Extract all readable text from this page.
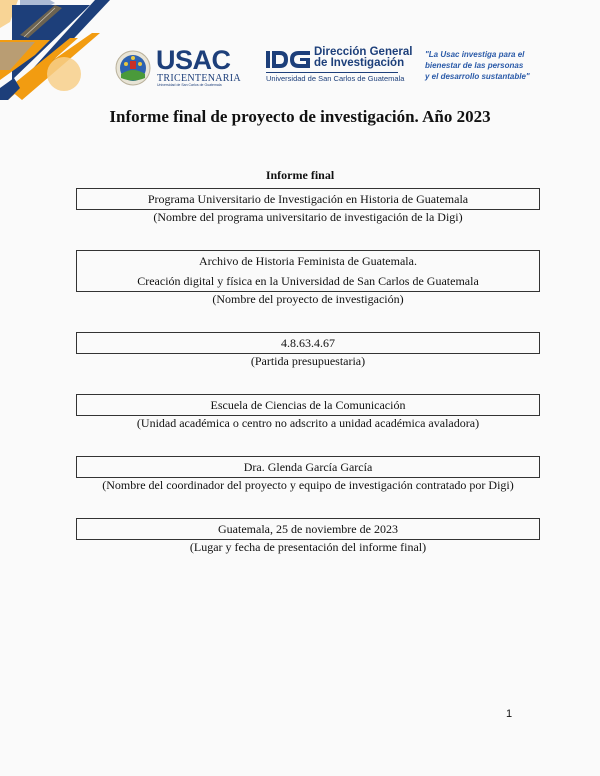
USAC
TRICENTENARIA
Universidad de San Carlos de Guatemala
Dirección General
de Investigación
Universidad de San Carlos de Guatemala
"La Usac investiga para el
bienestar de las personas
y el desarrollo sustantable"
Informe final de proyecto de investigación. Año 2023
Informe final
Programa Universitario de Investigación en Historia de Guatemala
(Nombre del programa universitario de investigación de la Digi)
Archivo de Historia Feminista de Guatemala.
Creación digital y física en la Universidad de San Carlos de Guatemala
(Nombre del proyecto de investigación)
4.8.63.4.67
(Partida presupuestaria)
Escuela de Ciencias de la Comunicación
(Unidad académica o centro no adscrito a unidad académica avaladora)
Dra. Glenda García García
(Nombre del coordinador del proyecto y equipo de investigación contratado por Digi)
Guatemala, 25 de noviembre de 2023
(Lugar y fecha de presentación del informe final)
1
